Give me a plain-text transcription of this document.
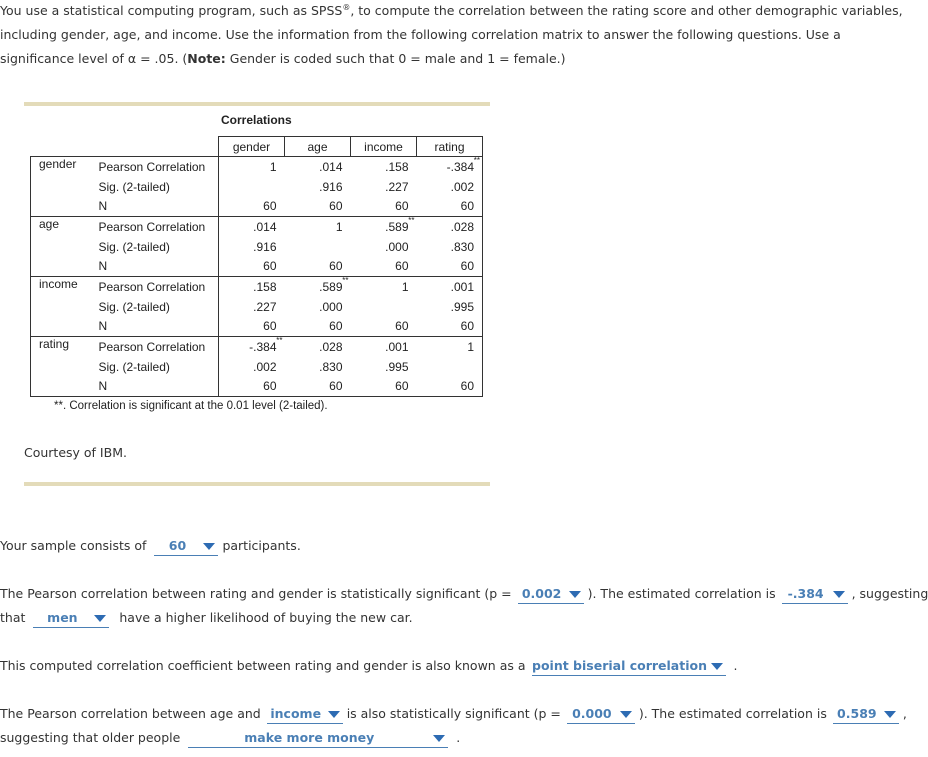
You use a statistical computing program, such as SPSS®, to compute the correlation between the rating score and other demographic variables, including gender, age, and income. Use the information from the following correlation matrix to answer the following questions. Use a significance level of α = .05. (Note: Gender is coded such that 0 = male and 1 = female.)
Correlations
		gender	age	income	rating
gender	Pearson Correlation	1	.014	.158	-.384 **

	Sig. (2-tailed)		.916	.227	.002
	N	60	60	60	60
age	Pearson Correlation	.014	1	.589 **	.028
	Sig. (2-tailed)	.916		.000	.830
	N	60	60	60	60
income	Pearson Correlation	.158	.589 **	1	.001
	Sig. (2-tailed)	.227	.000		.995
	N	60	60	60	60
rating	Pearson Correlation	-.384 **	.028	.001	1
	Sig. (2-tailed)	.002	.830	.995	
	N	60	60	60	60
**. Correlation is significant at the 0.01 level (2-tailed).
Courtesy of IBM.
Your sample consists of 60	participants.
The Pearson correlation between rating and gender is statistically significant (p = 0.002 ). The estimated correlation is -.384 , suggesting
that men	have a higher likelihood of buying the new car.
This computed correlation coefficient between rating and gender is also known as a point biserial correlation .
The Pearson correlation between age and income is also statistically significant (p = 0.000 ). The estimated correlation is 0.589 ,
suggesting that older people	make more money	.
